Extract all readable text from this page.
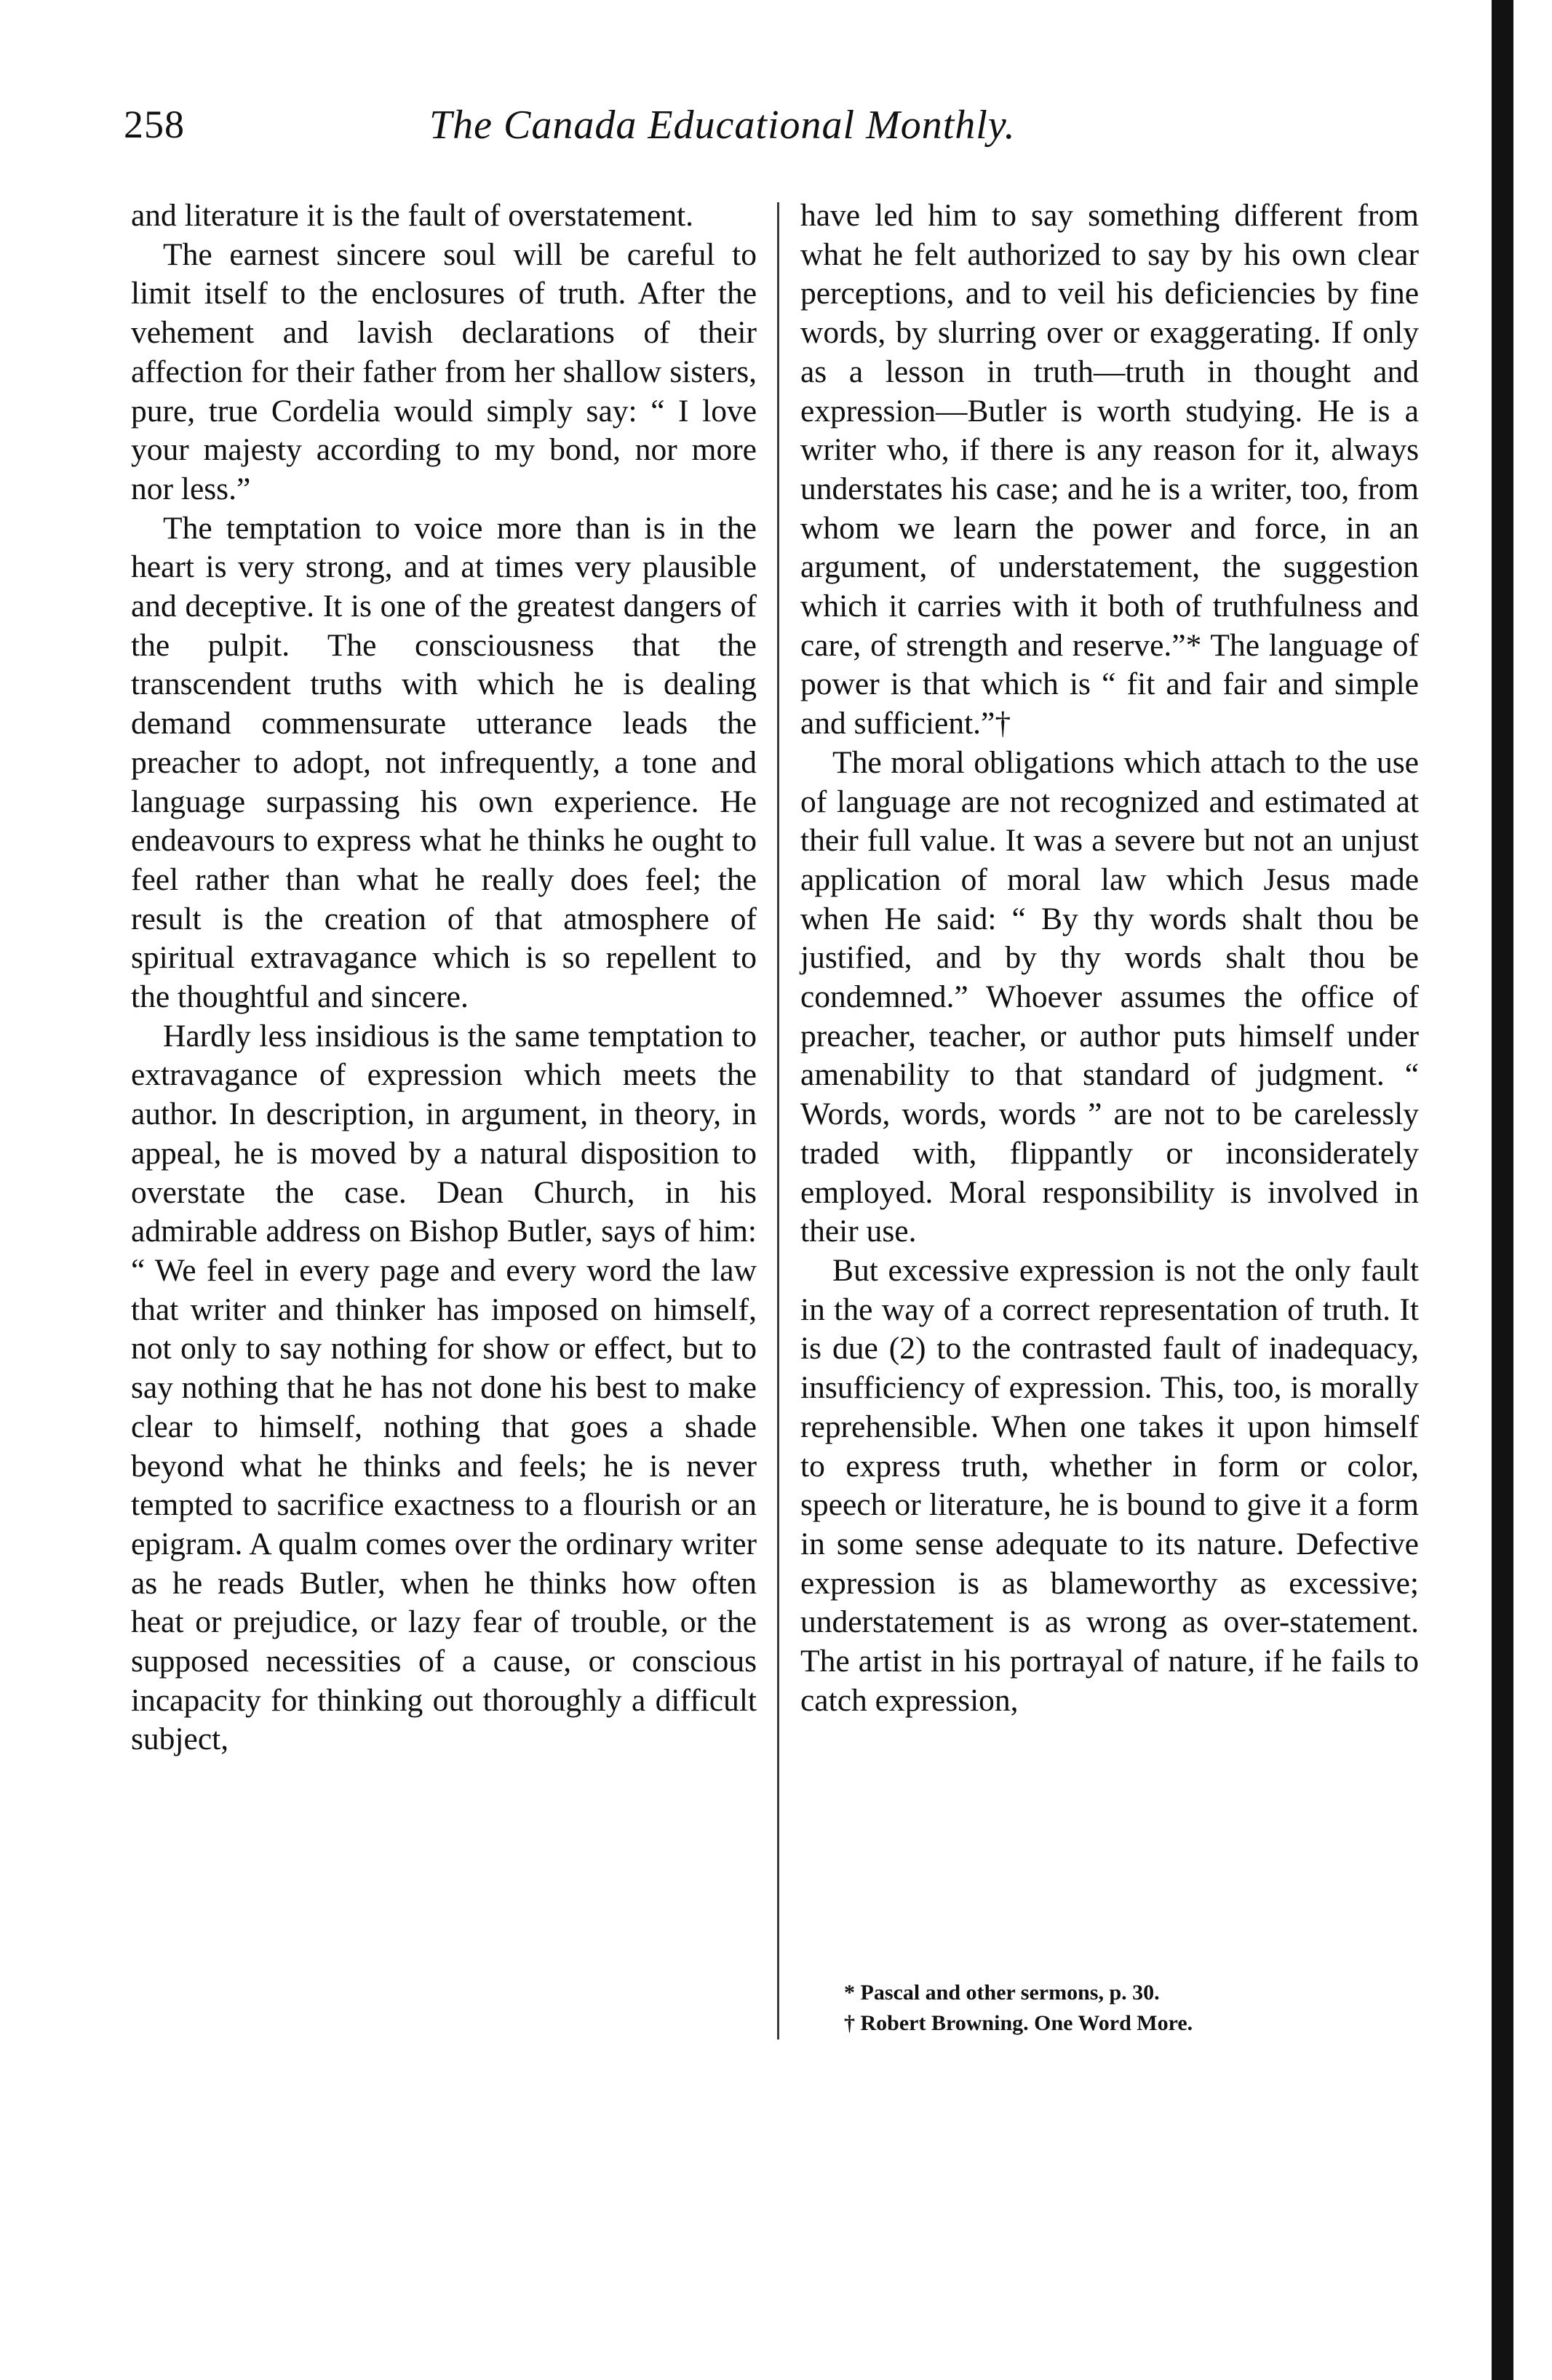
258	The Canada Educational Monthly.

and literature it is the fault of overstatement.

The earnest sincere soul will be careful to limit itself to the enclosures of truth. After the vehement and lavish declarations of their affection for their father from her shallow sisters, pure, true Cordelia would simply say: “ I love your majesty according to my bond, nor more nor less.”

The temptation to voice more than is in the heart is very strong, and at times very plausible and deceptive. It is one of the greatest dangers of the pulpit. The consciousness that the transcendent truths with which he is dealing demand commensurate utterance leads the preacher to adopt, not infrequently, a tone and language surpassing his own experience. He endeavours to express what he thinks he ought to feel rather than what he really does feel; the result is the creation of that atmosphere of spiritual extravagance which is so repellent to the thoughtful and sincere.

Hardly less insidious is the same temptation to extravagance of expression which meets the author. In description, in argument, in theory, in appeal, he is moved by a natural disposition to overstate the case. Dean Church, in his admirable address on Bishop Butler, says of him: “ We feel in every page and every word the law that writer and thinker has imposed on himself, not only to say nothing for show or effect, but to say nothing that he has not done his best to make clear to himself, nothing that goes a shade beyond what he thinks and feels; he is never tempted to sacrifice exactness to a flourish or an epigram. A qualm comes over the ordinary writer as he reads Butler, when he thinks how often heat or prejudice, or lazy fear of trouble, or the supposed necessities of a cause, or conscious incapacity for thinking out thoroughly a difficult subject,

have led him to say something different from what he felt authorized to say by his own clear perceptions, and to veil his deficiencies by fine words, by slurring over or exaggerating. If only as a lesson in truth—truth in thought and expression—Butler is worth studying. He is a writer who, if there is any reason for it, always understates his case; and he is a writer, too, from whom we learn the power and force, in an argument, of understatement, the suggestion which it carries with it both of truthfulness and care, of strength and reserve.”* The language of power is that which is “ fit and fair and simple and sufficient.”†

The moral obligations which attach to the use of language are not recognized and estimated at their full value. It was a severe but not an unjust application of moral law which Jesus made when He said: “ By thy words shalt thou be justified, and by thy words shalt thou be condemned.” Whoever assumes the office of preacher, teacher, or author puts himself under amenability to that standard of judgment. “ Words, words, words ” are not to be carelessly traded with, flippantly or inconsiderately employed. Moral responsibility is involved in their use.

But excessive expression is not the only fault in the way of a correct representation of truth. It is due (2) to the contrasted fault of inadequacy, insufficiency of expression. This, too, is morally reprehensible. When one takes it upon himself to express truth, whether in form or color, speech or literature, he is bound to give it a form in some sense adequate to its nature. Defective expression is as blameworthy as excessive; understatement is as wrong as over-statement. The artist in his portrayal of nature, if he fails to catch expression,

* Pascal and other sermons, p. 30.
† Robert Browning. One Word More.
